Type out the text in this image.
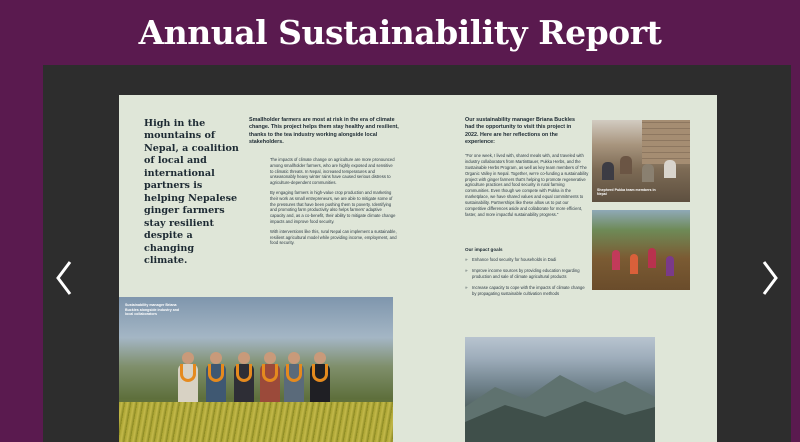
Annual Sustainability Report
High in the mountains of Nepal, a coalition of local and international partners is helping Nepalese ginger farmers stay resilient despite a changing climate.
Smallholder farmers are most at risk in the era of climate change. This project helps them stay healthy and resilient, thanks to the tea industry working alongside local stakeholders.

The impacts of climate change on agriculture are more pronounced among smallholder farmers, who are highly exposed and sensitive to climatic threats. In Nepal, increased temperatures and unseasonably heavy winter rains have caused serious distress to agriculture-dependent communities.

By engaging farmers in high-value crop production and marketing their work as small entrepreneurs, we are able to mitigate some of the pressures that have been pushing them to poverty. Identifying and promoting farm productivity also helps farmers' adaptive capacity and, as a co-benefit, their ability to mitigate climate change impacts and improve food security.

With interventions like this, rural Nepal can implement a sustainable, resilient agricultural model while providing income, employment, and food security.

Sustainability manager Briana Buckles alongside industry and local collaborators
Our sustainability manager Briana Buckles had the opportunity to visit this project in 2022. Here are her reflections on the experience:
"For one week, I lived with, shared meals with, and traveled with industry collaborators from MartinBauer, Pukka Herbs, and the Sustainable Herbs Program, as well as key team members of The Organic Valley in Nepal. Together, we're co-funding a sustainability project with ginger farmers that's helping to promote regenerative agriculture practices and food security in rural farming communities. Even though we compete with Pukka in the marketplace, we have shared values and equal commitments to sustainability. Partnerships like these allow us to put our competitive differences aside and collaborate for more efficient, faster, and more impactful sustainability progress."
Our impact goals
» Enhance food security for households in Dadi
» Improve income sources by providing education regarding production and sale of climate agricultural products
» Increase capacity to cope with the impacts of climate change by propagating sustainable cultivation methods
Shepherd Pukka team members in Nepal
